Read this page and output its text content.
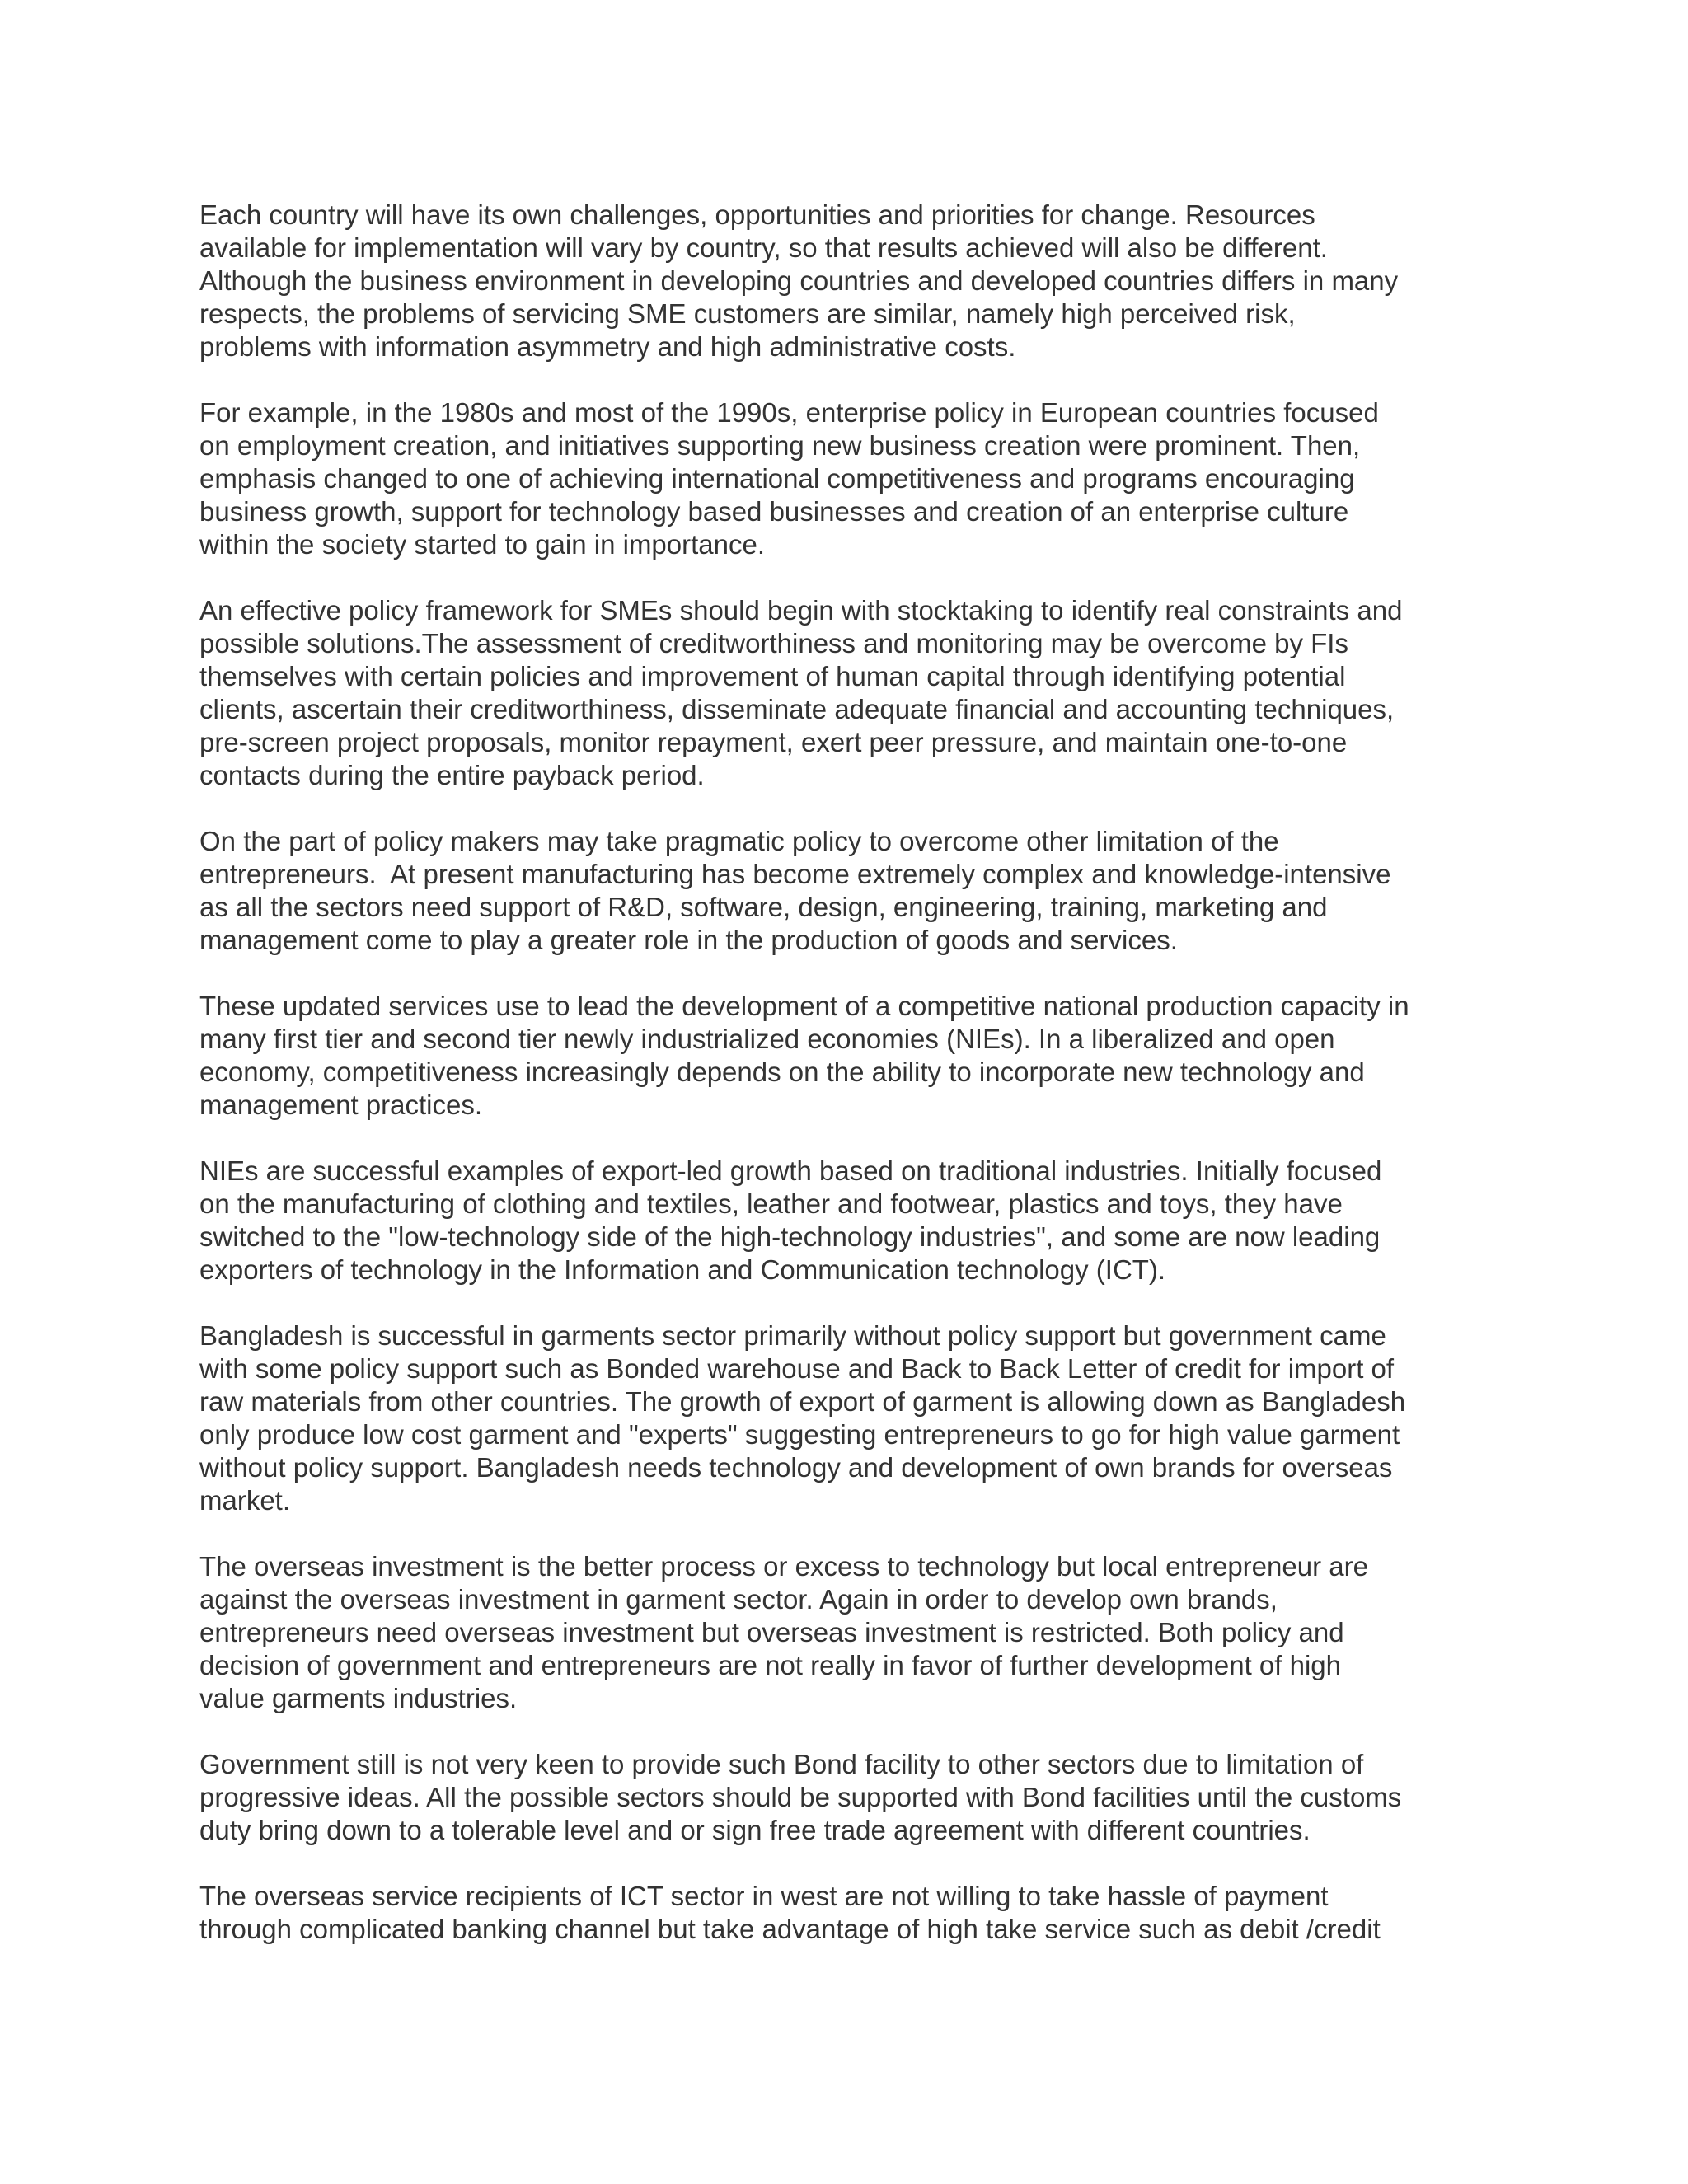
Each country will have its own challenges, opportunities and priorities for change. Resources
available for implementation will vary by country, so that results achieved will also be different.
Although the business environment in developing countries and developed countries differs in many
respects, the problems of servicing SME customers are similar, namely high perceived risk,
problems with information asymmetry and high administrative costs.

For example, in the 1980s and most of the 1990s, enterprise policy in European countries focused
on employment creation, and initiatives supporting new business creation were prominent. Then,
emphasis changed to one of achieving international competitiveness and programs encouraging
business growth, support for technology based businesses and creation of an enterprise culture
within the society started to gain in importance.

An effective policy framework for SMEs should begin with stocktaking to identify real constraints and
possible solutions.The assessment of creditworthiness and monitoring may be overcome by FIs
themselves with certain policies and improvement of human capital through identifying potential
clients, ascertain their creditworthiness, disseminate adequate financial and accounting techniques,
pre-screen project proposals, monitor repayment, exert peer pressure, and maintain one-to-one
contacts during the entire payback period.

On the part of policy makers may take pragmatic policy to overcome other limitation of the
entrepreneurs.  At present manufacturing has become extremely complex and knowledge-intensive
as all the sectors need support of R&D, software, design, engineering, training, marketing and
management come to play a greater role in the production of goods and services.

These updated services use to lead the development of a competitive national production capacity in
many first tier and second tier newly industrialized economies (NIEs). In a liberalized and open
economy, competitiveness increasingly depends on the ability to incorporate new technology and
management practices.

NIEs are successful examples of export-led growth based on traditional industries. Initially focused
on the manufacturing of clothing and textiles, leather and footwear, plastics and toys, they have
switched to the "low-technology side of the high-technology industries", and some are now leading
exporters of technology in the Information and Communication technology (ICT).

Bangladesh is successful in garments sector primarily without policy support but government came
with some policy support such as Bonded warehouse and Back to Back Letter of credit for import of
raw materials from other countries. The growth of export of garment is allowing down as Bangladesh
only produce low cost garment and "experts" suggesting entrepreneurs to go for high value garment
without policy support. Bangladesh needs technology and development of own brands for overseas
market.

The overseas investment is the better process or excess to technology but local entrepreneur are
against the overseas investment in garment sector. Again in order to develop own brands,
entrepreneurs need overseas investment but overseas investment is restricted. Both policy and
decision of government and entrepreneurs are not really in favor of further development of high
value garments industries.

Government still is not very keen to provide such Bond facility to other sectors due to limitation of
progressive ideas. All the possible sectors should be supported with Bond facilities until the customs
duty bring down to a tolerable level and or sign free trade agreement with different countries.

The overseas service recipients of ICT sector in west are not willing to take hassle of payment
through complicated banking channel but take advantage of high take service such as debit /credit
